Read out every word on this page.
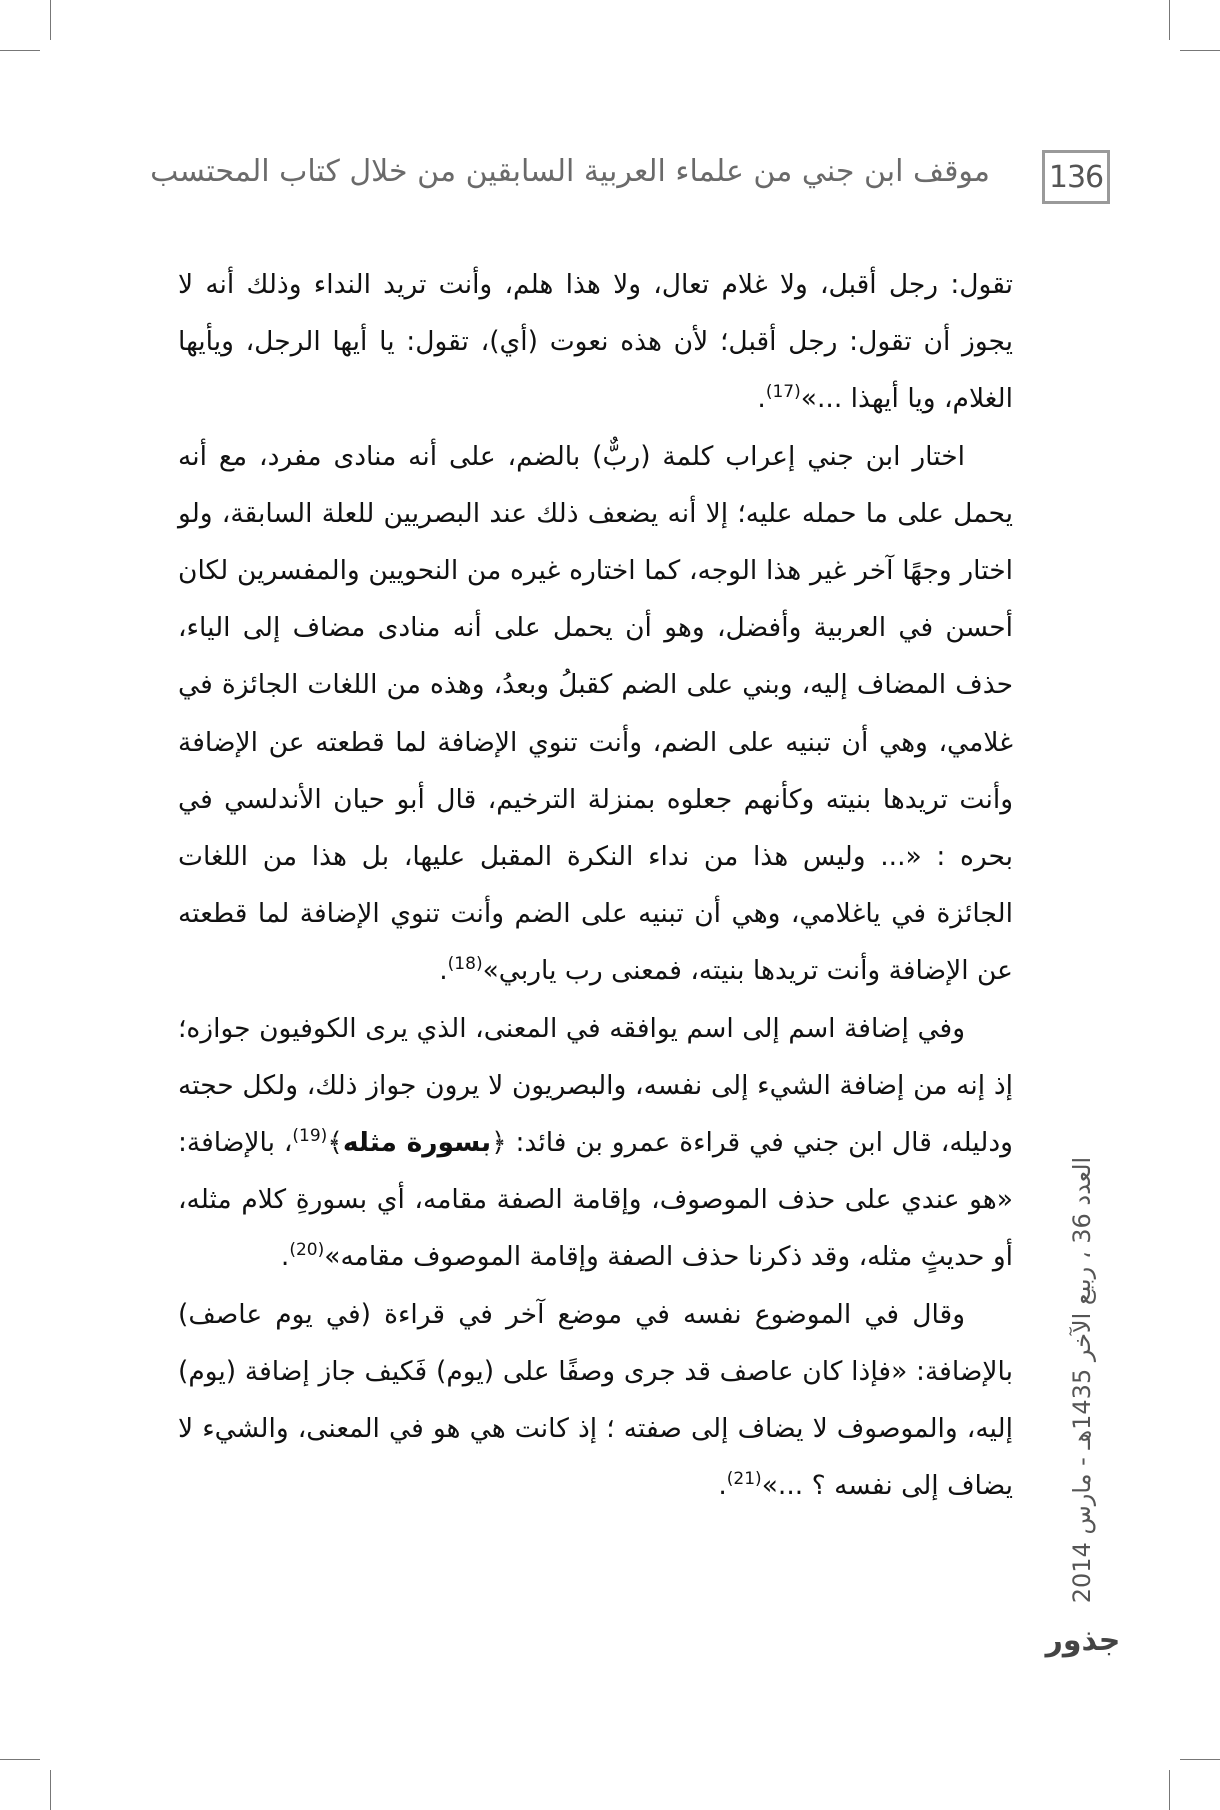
136
موقف ابن جني من علماء العربية السابقين من خلال كتاب المحتسب

تقول: رجل أقبل، ولا غلام تعال، ولا هذا هلم، وأنت تريد النداء وذلك أنه لا يجوز أن تقول: رجل أقبل؛ لأن هذه نعوت (أي)، تقول: يا أيها الرجل، ويأيها الغلام، ويا أيهذا ...»$^{(17)}$.

اختار ابن جني إعراب كلمة (ربٌّ) بالضم، على أنه منادى مفرد، مع أنه يحمل على ما حمله عليه؛ إلا أنه يضعف ذلك عند البصريين للعلة السابقة، ولو اختار وجهًا آخر غير هذا الوجه، كما اختاره غيره من النحويين والمفسرين لكان أحسن في العربية وأفضل، وهو أن يحمل على أنه منادى مضاف إلى الياء، حذف المضاف إليه، وبني على الضم كقبلُ وبعدُ، وهذه من اللغات الجائزة في غلامي، وهي أن تبنيه على الضم، وأنت تنوي الإضافة لما قطعته عن الإضافة وأنت تريدها بنيته وكأنهم جعلوه بمنزلة الترخيم، قال أبو حيان الأندلسي في بحره : «... وليس هذا من نداء النكرة المقبل عليها، بل هذا من اللغات الجائزة في ياغلامي، وهي أن تبنيه على الضم وأنت تنوي الإضافة لما قطعته عن الإضافة وأنت تريدها بنيته، فمعنى رب ياربي»$^{(18)}$.

وفي إضافة اسم إلى اسم يوافقه في المعنى، الذي يرى الكوفيون جوازه؛ إذ إنه من إضافة الشيء إلى نفسه، والبصريون لا يرون جواز ذلك، ولكل حجته ودليله، قال ابن جني في قراءة عمرو بن فائد: ﴿بسورة مثله﴾$^{(19)}$، بالإضافة: «هو عندي على حذف الموصوف، وإقامة الصفة مقامه، أي بسورةِ كلام مثله، أو حديثٍ مثله، وقد ذكرنا حذف الصفة وإقامة الموصوف مقامه»$^{(20)}$.

وقال في الموضوع نفسه في موضع آخر في قراءة (في يوم عاصف) بالإضافة: «فإذا كان عاصف قد جرى وصفًا على (يوم) فَكيف جاز إضافة (يوم) إليه، والموصوف لا يضاف إلى صفته ؛ إذ كانت هي هو في المعنى، والشيء لا يضاف إلى نفسه ؟ ...»$^{(21)}$.

العدد 36 ، ربيع الآخر 1435هـ - مارس 2014
جذور
